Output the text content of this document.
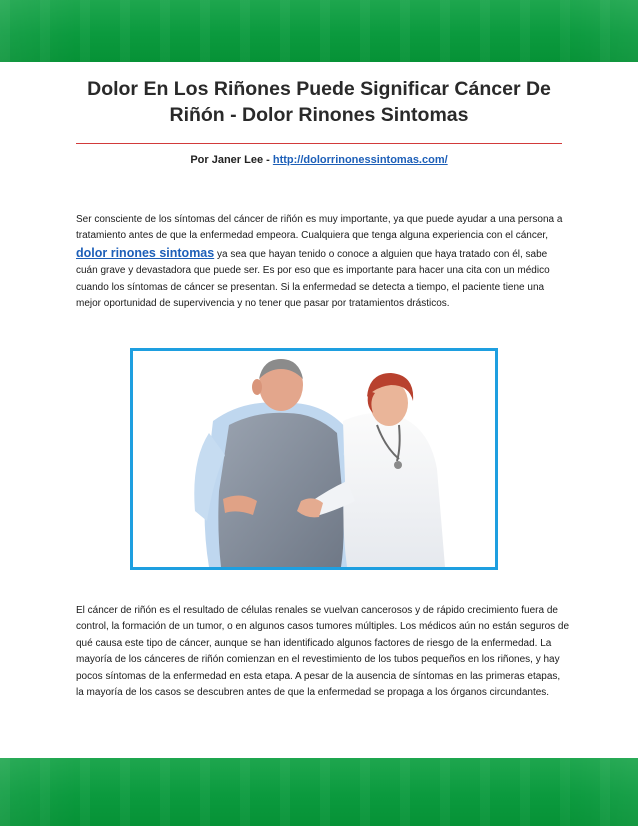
Dolor En Los Riñones Puede Significar Cáncer De Riñón - Dolor Rinones Sintomas
Por Janer Lee - http://dolorrinonessintomas.com/
Ser consciente de los síntomas del cáncer de riñón es muy importante, ya que puede ayudar a una persona a tratamiento antes de que la enfermedad empeora. Cualquiera que tenga alguna experiencia con el cáncer, dolor rinones sintomas ya sea que hayan tenido o conoce a alguien que haya tratado con él, sabe cuán grave y devastadora que puede ser. Es por eso que es importante para hacer una cita con un médico cuando los síntomas de cáncer se presentan. Si la enfermedad se detecta a tiempo, el paciente tiene una mejor oportunidad de supervivencia y no tener que pasar por tratamientos drásticos.
El cáncer de riñón es el resultado de células renales se vuelvan cancerosos y de rápido crecimiento fuera de control, la formación de un tumor, o en algunos casos tumores múltiples. Los médicos aún no están seguros de qué causa este tipo de cáncer, aunque se han identificado algunos factores de riesgo de la enfermedad. La mayoría de los cánceres de riñón comienzan en el revestimiento de los tubos pequeños en los riñones, y hay pocos síntomas de la enfermedad en esta etapa. A pesar de la ausencia de síntomas en las primeras etapas, la mayoría de los casos se descubren antes de que la enfermedad se propaga a los órganos circundantes.
